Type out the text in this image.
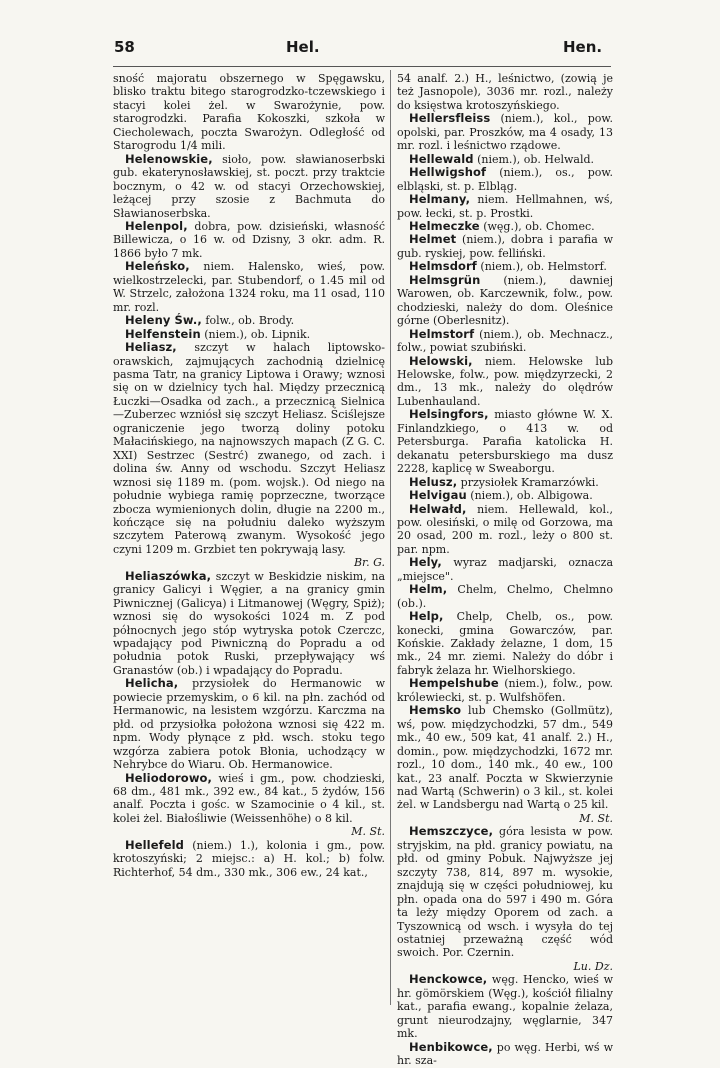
58	Hel.	Hen.

sność majoratu obszernego w Spęgawsku, blisko traktu bitego starogrodzko-tczewskiego i stacyi kolei żel. w Swarożynie, pow. starogrodzki. Parafia Kokoszki, szkoła w Ciecholewach, poczta Swarożyn. Odległość od Starogrodu 1/4 mili.

Helenowskie, sioło, pow. sławianoserbski gub. ekaterynosławskiej, st. poczt. przy traktcie bocznym, o 42 w. od stacyi Orzechowskiej, leżącej przy szosie z Bachmuta do Sławianoserbska.

Helenpol, dobra, pow. dzisieński, własność Billewicza, o 16 w. od Dzisny, 3 okr. adm. R. 1866 było 7 mk.

Heleńsko, niem. Halensko, wieś, pow. wielkostrzelecki, par. Stubendorf, o 1.45 mil od W. Strzelc, założona 1324 roku, ma 11 osad, 110 mr. rozl.

Heleny Św., folw., ob. Brody.

Helfenstein (niem.), ob. Lipnik.

Heliasz, szczyt w halach liptowsko-orawskich, zajmujących zachodnią dzielnicę pasma Tatr, na granicy Liptowa i Orawy; wznosi się on w dzielnicy tych hal. Między przecznicą Łuczki—Osadka od zach., a przecznicą Sielnica—Zuberzec wzniósł się szczyt Heliasz. Ściślejsze ograniczenie jego tworzą doliny potoku Małacińskiego, na najnowszych mapach (Z G. C. XXI) Sestrzec (Sestrć) zwanego, od zach. i dolina św. Anny od wschodu. Szczyt Heliasz wznosi się 1189 m. (pom. wojsk.). Od niego na południe wybiega ramię poprzeczne, tworzące zbocza wymienionych dolin, długie na 2200 m., kończące się na południu daleko wyższym szczytem Paterową zwanym. Wysokość jego czyni 1209 m. Grzbiet ten pokrywają lasy.
Br. G.

Heliaszówka, szczyt w Beskidzie niskim, na granicy Galicyi i Węgier, a na granicy gmin Piwnicznej (Galicya) i Litmanowej (Węgry, Spiż); wznosi się do wysokości 1024 m. Z pod północnych jego stóp wytryska potok Czerczc, wpadający pod Piwniczną do Popradu a od południa potok Ruski, przepływający wś Granastów (ob.) i wpadający do Popradu.

Helicha, przysiołek do Hermanowic w powiecie przemyskim, o 6 kil. na płn. zachód od Hermanowic, na lesistem wzgórzu. Karczma na płd. od przysiołka położona wznosi się 422 m. npm. Wody płynące z płd. wsch. stoku tego wzgórza zabiera potok Błonia, uchodzący w Nehrybce do Wiaru. Ob. Hermanowice.

Heliodorowo, wieś i gm., pow. chodzieski, 68 dm., 481 mk., 392 ew., 84 kat., 5 żydów, 156 analf. Poczta i gośc. w Szamocinie o 4 kil., st. kolei żel. Białośliwie (Weissenhöhe) o 8 kil.
M. St.

Hellefeld (niem.) 1.), kolonia i gm., pow. krotoszyński; 2 miejsc.: a) H. kol.; b) folw. Richterhof, 54 dm., 330 mk., 306 ew., 24 kat.,

54 analf. 2.) H., leśnictwo, (zowią je też Jasnopole), 3036 mr. rozl., należy do księstwa krotoszyńskiego.

Hellersfleiss (niem.), kol., pow. opolski, par. Proszków, ma 4 osady, 13 mr. rozl. i leśnictwo rządowe.

Hellewald (niem.), ob. Helwald.

Hellwigshof (niem.), os., pow. elbląski, st. p. Elbląg.

Helmany, niem. Hellmahnen, wś, pow. łecki, st. p. Prostki.

Helmeczke (węg.), ob. Chomec.

Helmet (niem.), dobra i parafia w gub. ryskiej, pow. felliński.

Helmsdorf (niem.), ob. Helmstorf.

Helmsgrün (niem.), dawniej Warowen, ob. Karczewnik, folw., pow. chodzieski, należy do dom. Oleśnice górne (Oberlesnitz).

Helmstorf (niem.), ob. Mechnacz., folw., powiat szubiński.

Helowski, niem. Helowske lub Helowske, folw., pow. międzyrzecki, 2 dm., 13 mk., należy do olędrów Lubenhauland.

Helsingfors, miasto główne W. X. Finlandzkiego, o 413 w. od Petersburga. Parafia katolicka H. dekanatu petersburskiego ma dusz 2228, kaplicę w Sweaborgu.

Helusz, przysiołek Kramarzówki.

Helvigau (niem.), ob. Albigowa.

Helwałd, niem. Hellewald, kol., pow. olesiński, o milę od Gorzowa, ma 20 osad, 200 m. rozl., leży o 800 st. par. npm.

Hely, wyraz madjarski, oznacza „miejsce".

Helm, Chelm, Chelmo, Chelmno (ob.).

Help, Chelp, Chelb, os., pow. konecki, gmina Gowarczów, par. Końskie. Zakłady żelazne, 1 dom, 15 mk., 24 mr. ziemi. Należy do dóbr i fabryk żelaza hr. Wielhorskiego.

Hempelshube (niem.), folw., pow. królewiecki, st. p. Wulfshöfen.

Hemsko lub Chemsko (Gollmütz), wś, pow. międzychodzki, 57 dm., 549 mk., 40 ew., 509 kat, 41 analf. 2.) H., domin., pow. międzychodzki, 1672 mr. rozl., 10 dom., 140 mk., 40 ew., 100 kat., 23 analf. Poczta w Skwierzynie nad Wartą (Schwerin) o 3 kil., st. kolei żel. w Landsbergu nad Wartą o 25 kil.
M. St.

Hemszczyce, góra lesista w pow. stryjskim, na płd. granicy powiatu, na płd. od gminy Pobuk. Najwyższe jej szczyty 738, 814, 897 m. wysokie, znajdują się w części południowej, ku płn. opada ona do 597 i 490 m. Góra ta leży między Oporem od zach. a Tyszownicą od wsch. i wysyła do tej ostatniej przeważną część wód swoich. Por. Czernin.
Lu. Dz.

Henckowce, węg. Hencko, wieś w hr. gömörskiem (Węg.), kościół filialny kat., parafia ewang., kopalnie żelaza, grunt nieurodzajny, węglarnie, 347 mk.

Henbikowce, po węg. Herbi, wś w hr. sza-
